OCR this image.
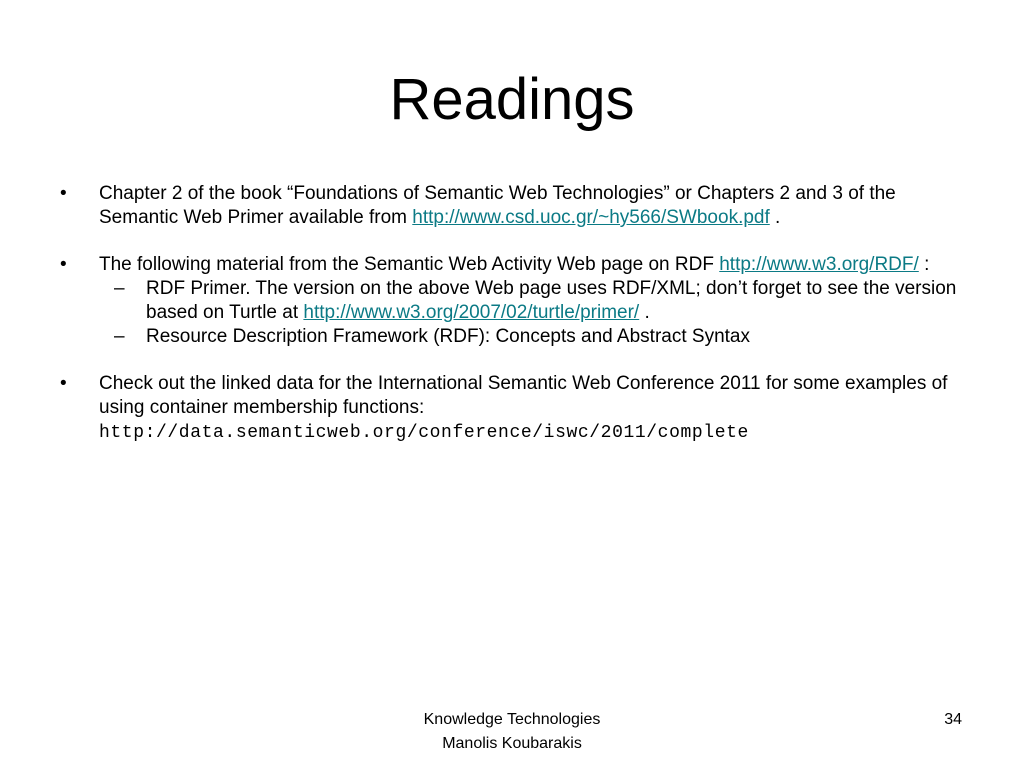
Readings
• Chapter 2 of the book “Foundations of Semantic Web Technologies” or Chapters 2 and 3 of the Semantic Web Primer available from http://www.csd.uoc.gr/~hy566/SWbook.pdf .
• The following material from the Semantic Web Activity Web page on RDF http://www.w3.org/RDF/ :
– RDF Primer. The version on the above Web page uses RDF/XML; don’t forget to see the version based on Turtle at http://www.w3.org/2007/02/turtle/primer/ .
– Resource Description Framework (RDF): Concepts and Abstract Syntax
• Check out the linked data for the International Semantic Web Conference 2011 for some examples of using container membership functions:
http://data.semanticweb.org/conference/iswc/2011/complete
Knowledge Technologies
Manolis Koubarakis
34
